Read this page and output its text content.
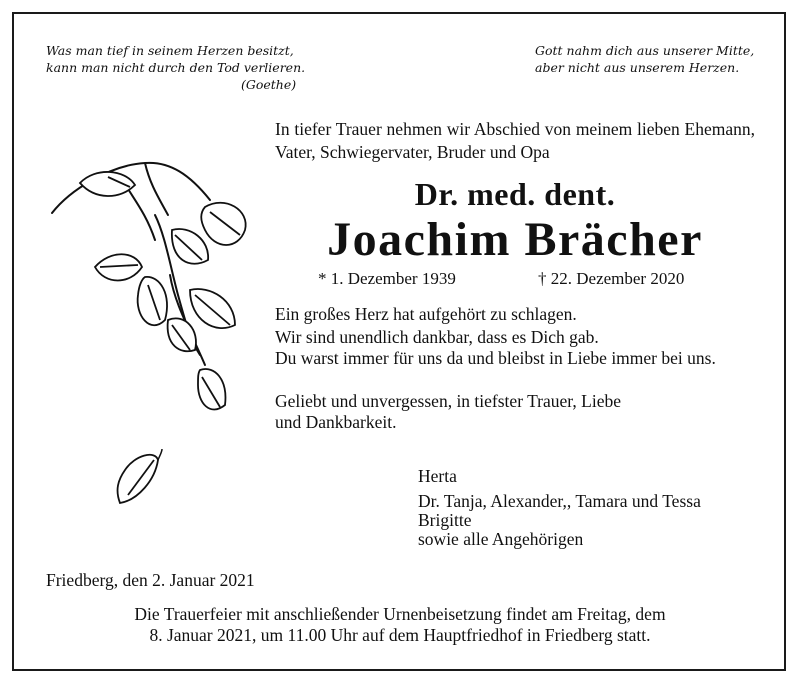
Was man tief in seinem Herzen besitzt,
kann man nicht durch den Tod verlieren.
(Goethe)
Gott nahm dich aus unserer Mitte,
aber nicht aus unserem Herzen.
In tiefer Trauer nehmen wir Abschied von meinem lieben Ehemann, Vater, Schwiegervater, Bruder und Opa
Dr. med. dent.
Joachim Brächer
* 1. Dezember 1939	† 22. Dezember 2020
Ein großes Herz hat aufgehört zu schlagen.
Wir sind unendlich dankbar, dass es Dich gab.
Du warst immer für uns da und bleibst in Liebe immer bei uns.
Geliebt und unvergessen, in tiefster Trauer, Liebe und Dankbarkeit.
Herta
Dr. Tanja, Alexander,, Tamara und Tessa
Brigitte
sowie alle Angehörigen
Friedberg, den 2. Januar 2021
Die Trauerfeier mit anschließender Urnenbeisetzung findet am Freitag, dem
8. Januar 2021, um 11.00 Uhr auf dem Hauptfriedhof in Friedberg statt.
